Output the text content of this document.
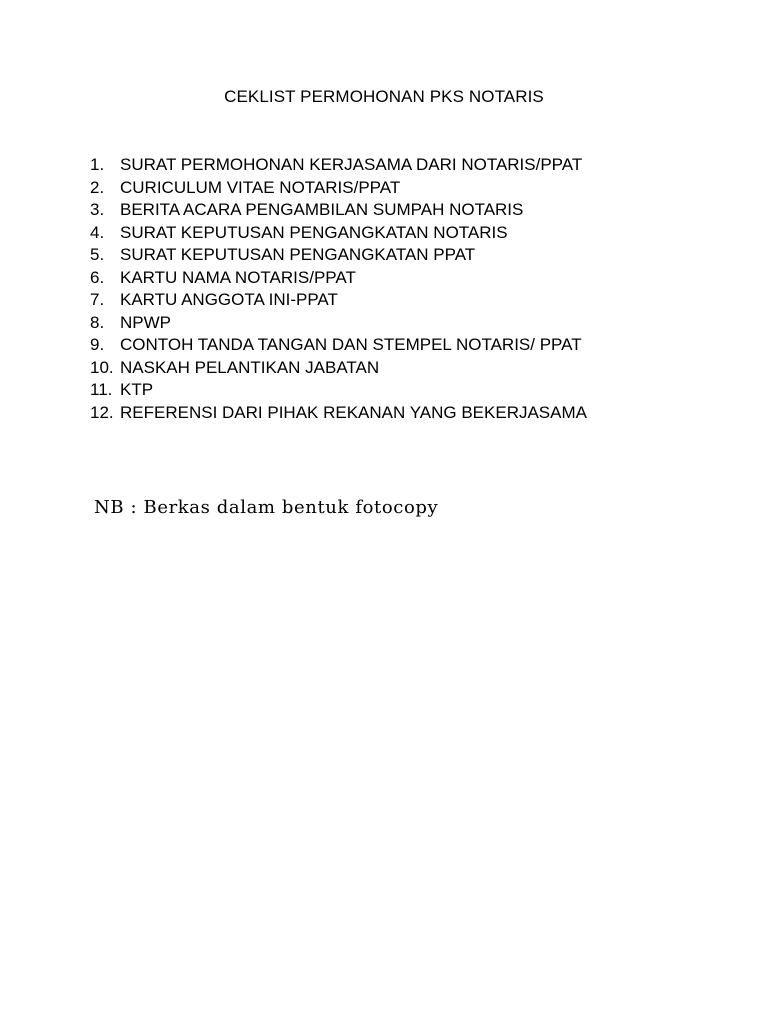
CEKLIST PERMOHONAN PKS NOTARIS
1. SURAT PERMOHONAN KERJASAMA DARI NOTARIS/PPAT
2. CURICULUM VITAE NOTARIS/PPAT
3. BERITA ACARA PENGAMBILAN SUMPAH NOTARIS
4. SURAT KEPUTUSAN PENGANGKATAN NOTARIS
5. SURAT KEPUTUSAN PENGANGKATAN PPAT
6. KARTU NAMA NOTARIS/PPAT
7. KARTU ANGGOTA INI-PPAT
8. NPWP
9. CONTOH TANDA TANGAN DAN STEMPEL NOTARIS/ PPAT
10. NASKAH PELANTIKAN JABATAN
11. KTP
12. REFERENSI DARI PIHAK REKANAN YANG BEKERJASAMA
NB : Berkas dalam bentuk fotocopy
